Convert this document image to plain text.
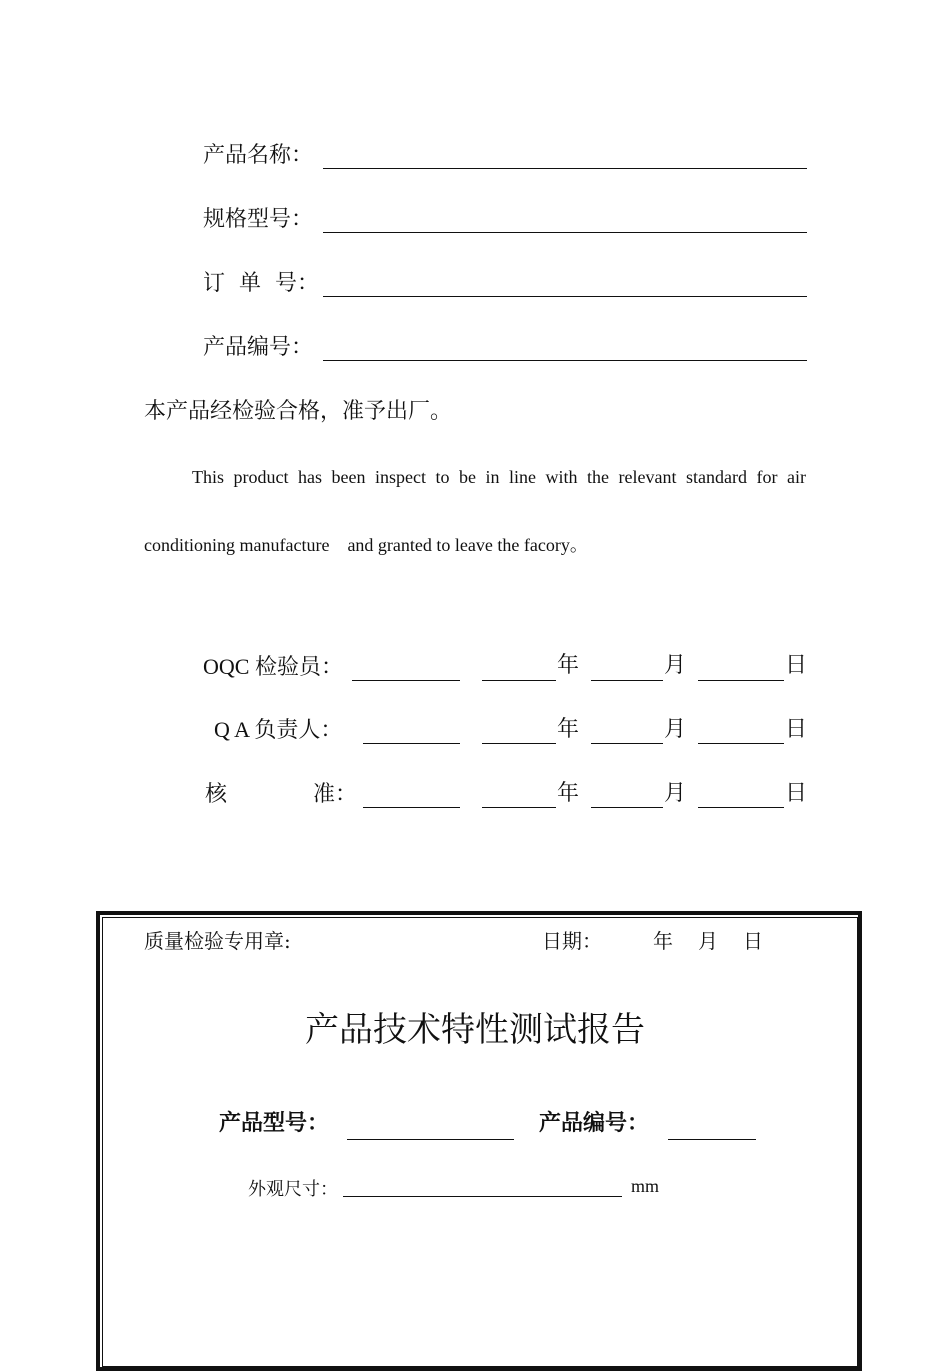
产品名称：
规格型号：
订  单  号：
产品编号：
本产品经检验合格，准予出厂。
This product has been inspect to be in line with the relevant standard for air
conditioning manufacture    and granted to leave the facory。
OQC 检验员：	年	月	日
Q A 负责人：	年	月	日
核	准：	年	月	日
质量检验专用章:	日期：	年 月 日
产品技术特性测试报告
产品型号：	产品编号：
外观尺寸：	mm
